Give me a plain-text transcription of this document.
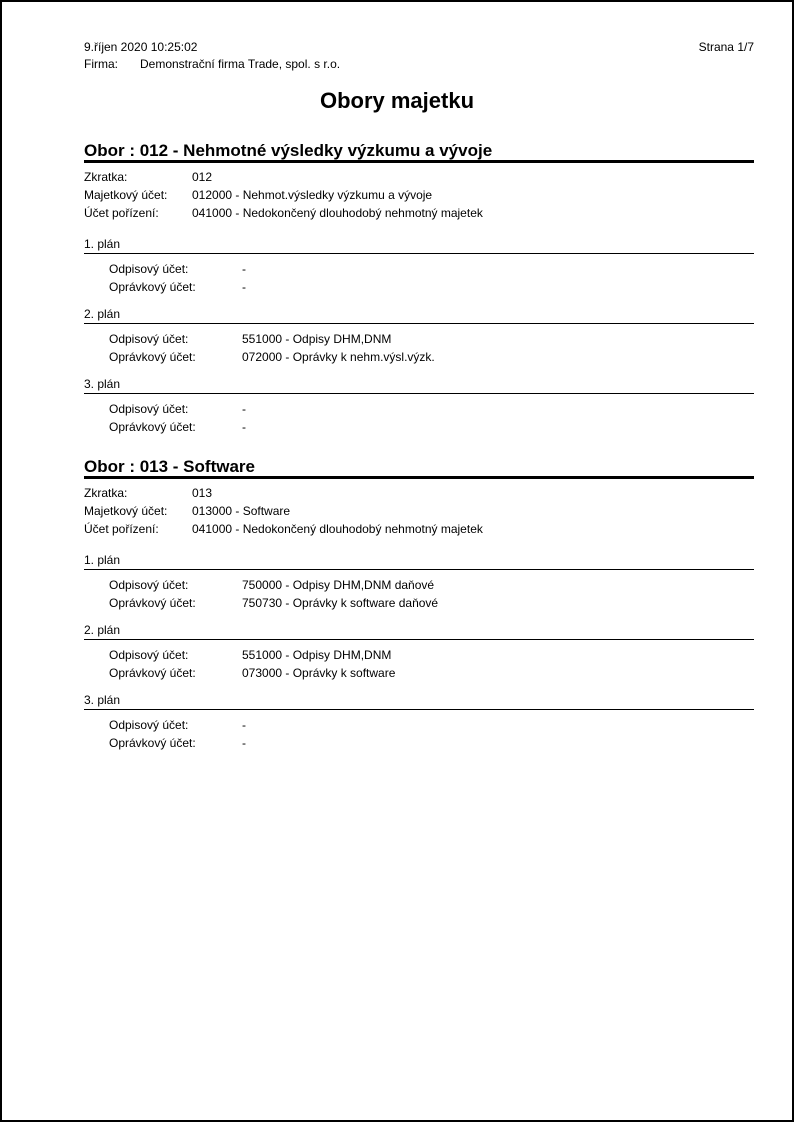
9.říjen 2020 10:25:02
Firma: Demonstrační firma Trade, spol. s r.o.
Strana 1/7
Obory majetku
Obor : 012 - Nehmotné výsledky výzkumu a vývoje
Zkratka:	012
Majetkový účet:	012000 - Nehmot.výsledky výzkumu a vývoje
Účet pořízení:	041000 - Nedokončený dlouhodobý nehmotný majetek
1. plán
Odpisový účet:	-
Oprávkový účet:	-
2. plán
Odpisový účet:	551000 - Odpisy DHM,DNM
Oprávkový účet:	072000 - Oprávky k nehm.výsl.výzk.
3. plán
Odpisový účet:	-
Oprávkový účet:	-
Obor : 013 - Software
Zkratka:	013
Majetkový účet:	013000 - Software
Účet pořízení:	041000 - Nedokončený dlouhodobý nehmotný majetek
1. plán
Odpisový účet:	750000 - Odpisy DHM,DNM daňové
Oprávkový účet:	750730 - Oprávky k software daňové
2. plán
Odpisový účet:	551000 - Odpisy DHM,DNM
Oprávkový účet:	073000 - Oprávky k software
3. plán
Odpisový účet:	-
Oprávkový účet:	-
